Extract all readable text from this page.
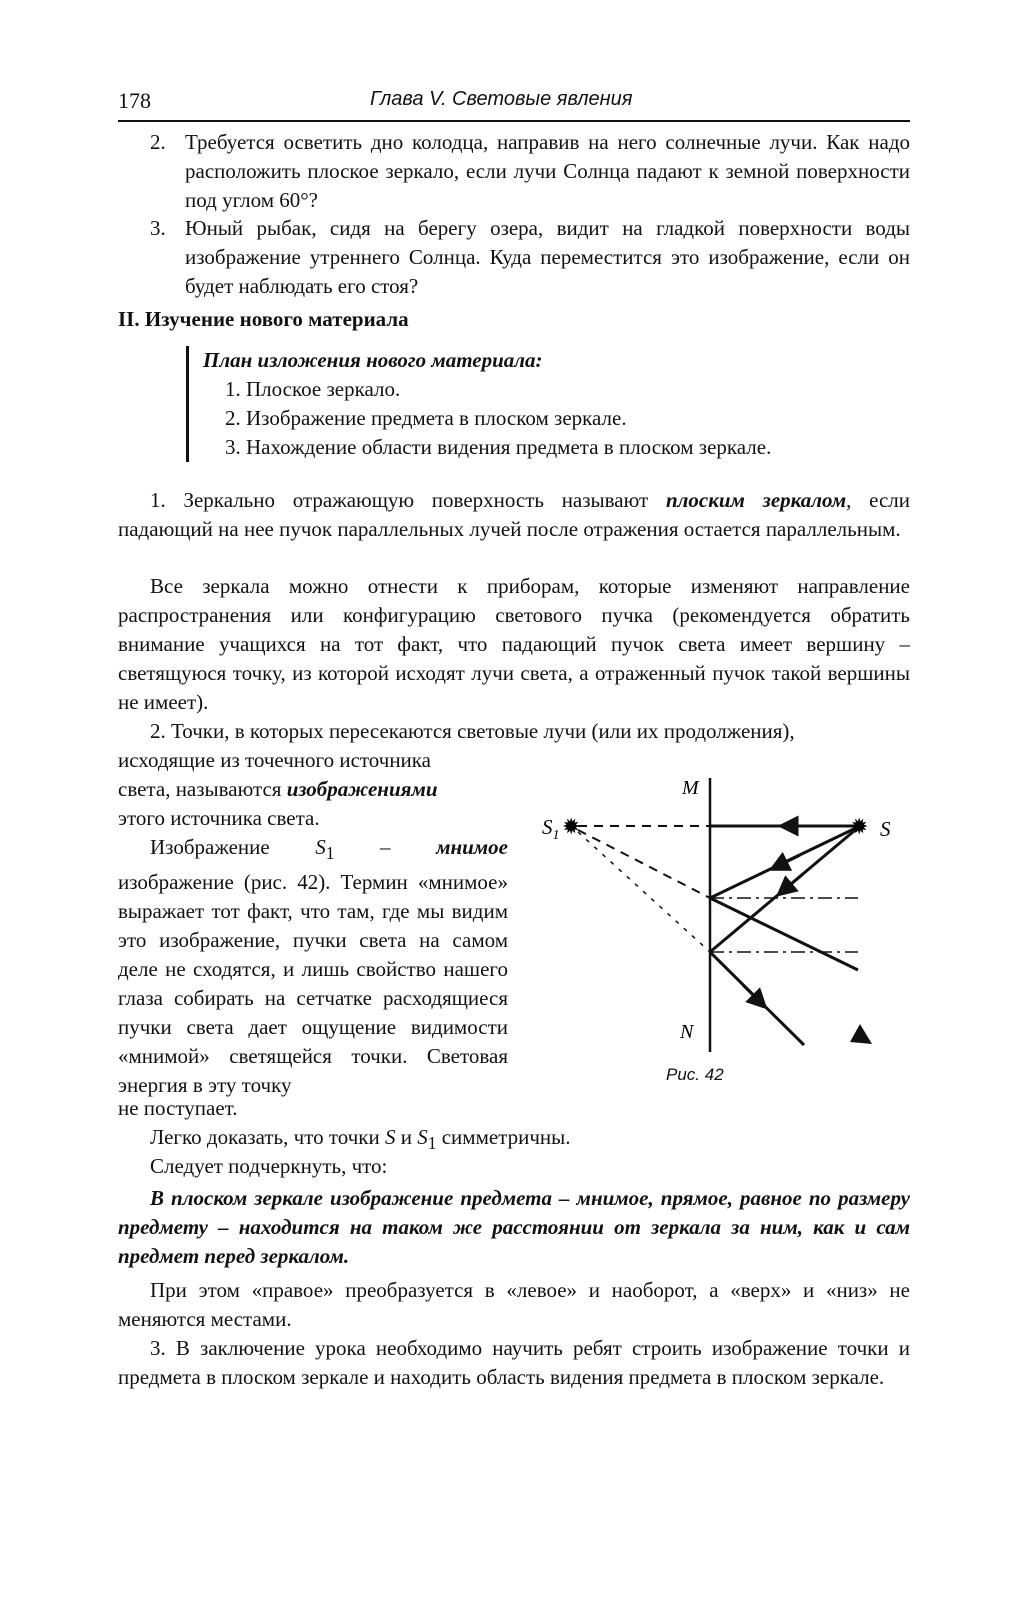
178	Глава V. Световые явления
2. Требуется осветить дно колодца, направив на него солнечные лучи. Как надо расположить плоское зеркало, если лучи Солнца падают к земной поверхности под углом 60°?
3. Юный рыбак, сидя на берегу озера, видит на гладкой поверхности воды изображение утреннего Солнца. Куда переместится это изображение, если он будет наблюдать его стоя?
II. Изучение нового материала
План изложения нового материала:
1. Плоское зеркало.
2. Изображение предмета в плоском зеркале.
3. Нахождение области видения предмета в плоском зеркале.
1. Зеркально отражающую поверхность называют плоским зеркалом, если падающий на нее пучок параллельных лучей после отражения остается параллельным.
Все зеркала можно отнести к приборам, которые изменяют направление распространения или конфигурацию светового пучка (рекомендуется обратить внимание учащихся на тот факт, что падающий пучок света имеет вершину – светящуюся точку, из которой исходят лучи света, а отраженный пучок такой вершины не имеет).
2. Точки, в которых пересекаются световые лучи (или их продолжения),
исходящие из точечного источника
света, называются изображениями
этого источника света.
Изображение $S_1$ – мнимое изображение (рис. 42). Термин «мнимое» выражает тот факт, что там, где мы видим это изображение, пучки света на самом деле не сходятся, и лишь свойство нашего глаза собирать на сетчатке расходящиеся пучки света дает ощущение видимости «мнимой» светящейся точки. Световая энергия в эту точку
не поступает.
Легко доказать, что точки S и $S_1$ симметричны.
Следует подчеркнуть, что:
В плоском зеркале изображение предмета – мнимое, прямое, равное по размеру предмету – находится на таком же расстоянии от зеркала за ним, как и сам предмет перед зеркалом.
При этом «правое» преобразуется в «левое» и наоборот, а «верх» и «низ» не меняются местами.
3. В заключение урока необходимо научить ребят строить изображение точки и предмета в плоском зеркале и находить область видения предмета в плоском зеркале.
✹
✹
M
N
S
$S_1$
Рис. 42
